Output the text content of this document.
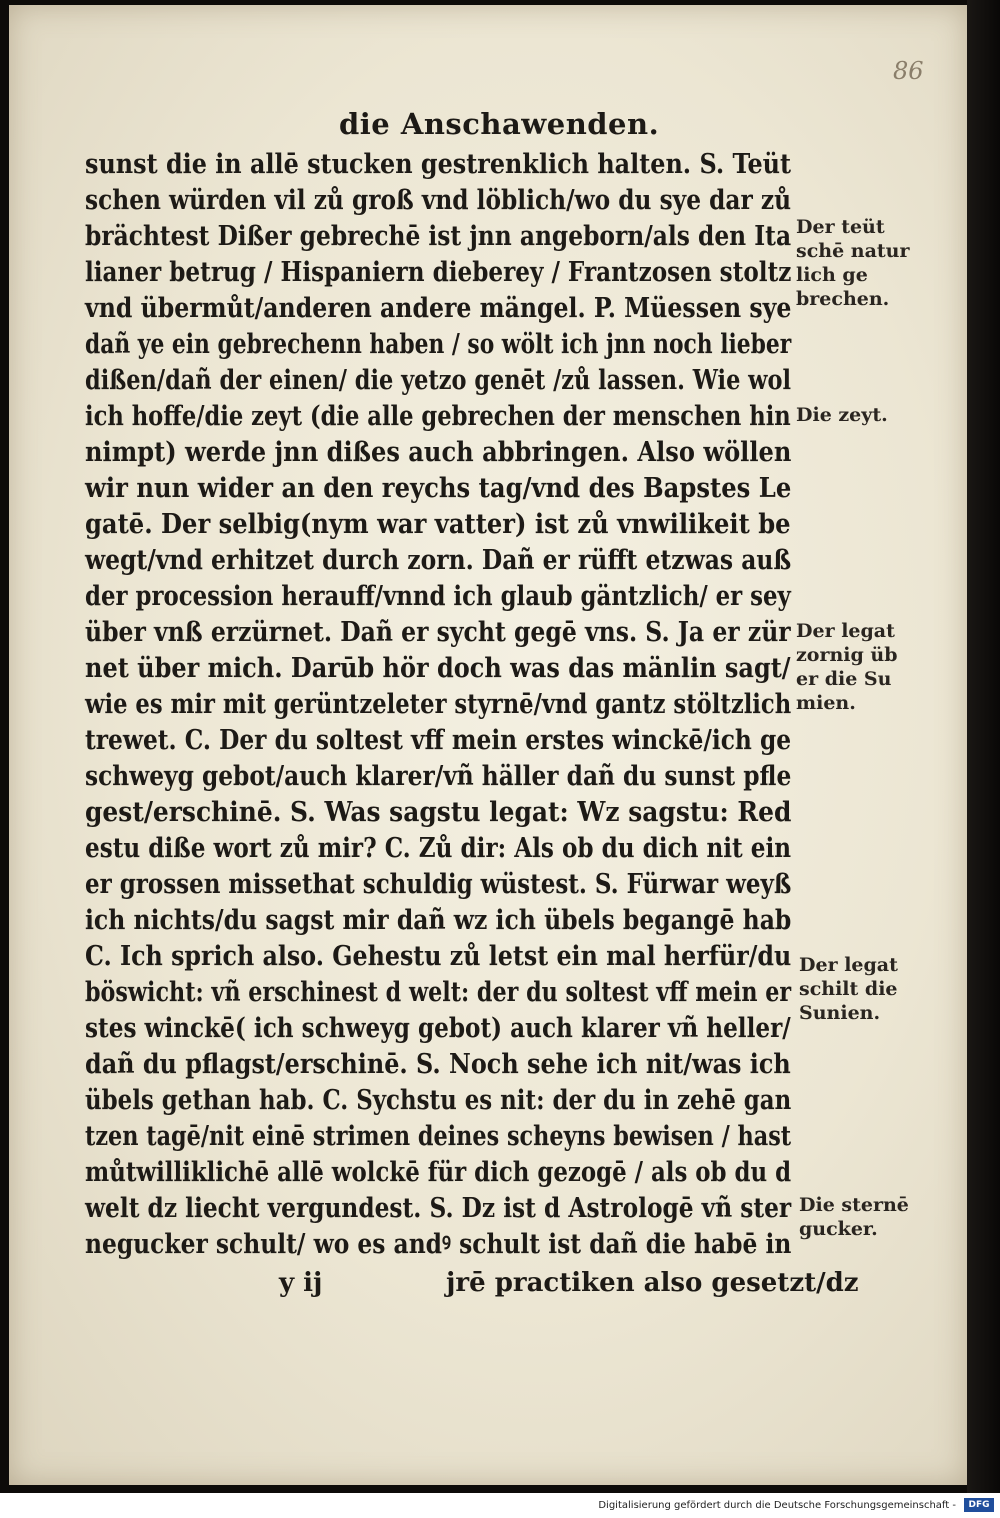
86
die Anschawenden.
sunst die in allē stucken gestrenklich halten. S. Teüt
schen würden vil zů groß vnd löblich/wo du sye dar zů
brächtest Dißer gebrechē ist jnn angeborn/als den Ita
lianer betrug / Hispaniern dieberey / Frantzosen stoltz
vnd übermůt/anderen andere mängel. P. Müessen sye
dañ ye ein gebrechenn haben / so wölt ich jnn noch lieber
dißen/dañ der einen/ die yetzo genēt /zů lassen. Wie wol
ich hoffe/die zeyt (die alle gebrechen der menschen hin
nimpt) werde jnn dißes auch abbringen. Also wöllen
wir nun wider an den reychs tag/vnd des Bapstes Le
gatē. Der selbig(nym war vatter) ist zů vnwilikeit be
wegt/vnd erhitzet durch zorn. Dañ er rüfft etzwas auß
der procession herauff/vnnd ich glaub gäntzlich/ er sey
über vnß erzürnet. Dañ er sycht gegē vns. S. Ja er zür
net über mich. Darūb hör doch was das mänlin sagt/
wie es mir mit gerüntzeleter styrnē/vnd gantz stöltzlich
trewet. C. Der du soltest vff mein erstes winckē/ich ge
schweyg gebot/auch klarer/vñ häller dañ du sunst pfle
gest/erschinē. S. Was sagstu legat: Wz sagstu: Red
estu diße wort zů mir? C. Zů dir: Als ob du dich nit ein
er grossen missethat schuldig wüstest. S. Fürwar weyß
ich nichts/du sagst mir dañ wz ich übels begangē hab
C. Ich sprich also. Gehestu zů letst ein mal herfür/du
böswicht: vñ erschinest d welt: der du soltest vff mein er
stes winckē( ich schweyg gebot) auch klarer vñ heller/
dañ du pflagst/erschinē. S. Noch sehe ich nit/was ich
übels gethan hab. C. Sychstu es nit: der du in zehē gan
tzen tagē/nit einē strimen deines scheyns bewisen / hast
můtwilliklichē allē wolckē für dich gezogē / als ob du d
welt dz liecht vergundest. S. Dz ist d Astrologē vñ ster
negucker schult/ wo es andꝰ schult ist dañ die habē in
y ij	jrē practiken also gesetzt/dz
Der teüt
schē natur
lich ge
brechen.
Die zeyt.
Der legat
zornig üb
er die Su
mien.
Der legat
schilt die
Sunien.
Die sternē
gucker.
Digitalisierung gefördert durch die Deutsche Forschungsgemeinschaft -	DFG
